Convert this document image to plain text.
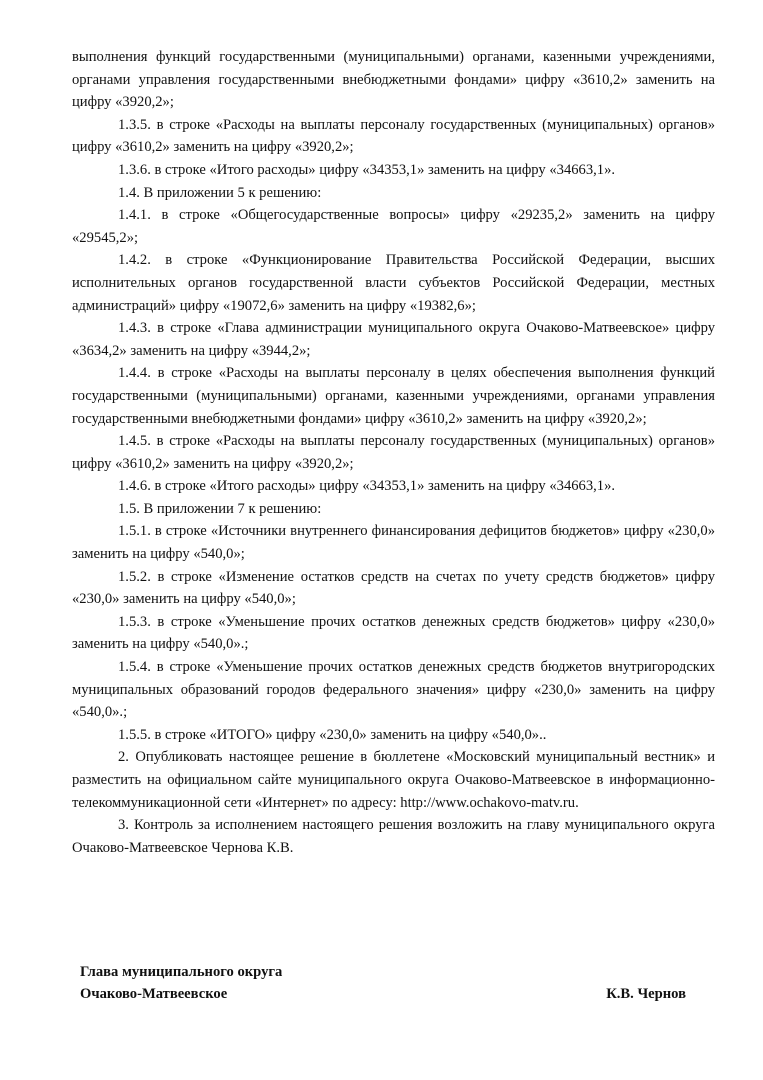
выполнения функций государственными (муниципальными) органами, казенными учреждениями, органами управления государственными внебюджетными фондами» цифру «3610,2» заменить на цифру «3920,2»;

1.3.5. в строке «Расходы на выплаты персоналу государственных (муниципальных) органов» цифру «3610,2» заменить на цифру «3920,2»;

1.3.6. в строке «Итого расходы» цифру «34353,1» заменить на цифру «34663,1».

1.4. В приложении 5 к решению:

1.4.1. в строке «Общегосударственные вопросы» цифру «29235,2» заменить на цифру «29545,2»;

1.4.2. в строке «Функционирование Правительства Российской Федерации, высших исполнительных органов государственной власти субъектов Российской Федерации, местных администраций» цифру «19072,6» заменить на цифру «19382,6»;

1.4.3. в строке «Глава администрации муниципального округа Очаково-Матвеевское» цифру «3634,2» заменить на цифру «3944,2»;

1.4.4. в строке «Расходы на выплаты персоналу в целях обеспечения выполнения функций государственными (муниципальными) органами, казенными учреждениями, органами управления государственными внебюджетными фондами» цифру «3610,2» заменить на цифру «3920,2»;

1.4.5. в строке «Расходы на выплаты персоналу государственных (муниципальных) органов» цифру «3610,2» заменить на цифру «3920,2»;

1.4.6. в строке «Итого расходы» цифру «34353,1» заменить на цифру «34663,1».

1.5. В приложении 7 к решению:

1.5.1. в строке «Источники внутреннего финансирования дефицитов бюджетов» цифру «230,0» заменить на цифру «540,0»;

1.5.2. в строке «Изменение остатков средств на счетах по учету средств бюджетов» цифру «230,0» заменить на цифру «540,0»;

1.5.3. в строке «Уменьшение прочих остатков денежных средств бюджетов» цифру «230,0» заменить на цифру «540,0».;

1.5.4. в строке «Уменьшение прочих остатков денежных средств бюджетов внутригородских муниципальных образований городов федерального значения» цифру «230,0» заменить на цифру «540,0».;

1.5.5. в строке «ИТОГО» цифру «230,0» заменить на цифру «540,0»..

2. Опубликовать настоящее решение в бюллетене «Московский муниципальный вестник» и разместить на официальном сайте муниципального округа Очаково-Матвеевское в информационно-телекоммуникационной сети «Интернет» по адресу: http://www.ochakovo-matv.ru.

3. Контроль за исполнением настоящего решения возложить на главу муниципального округа Очаково-Матвеевское Чернова К.В.

Глава муниципального округа
Очаково-Матвеевское	К.В. Чернов
